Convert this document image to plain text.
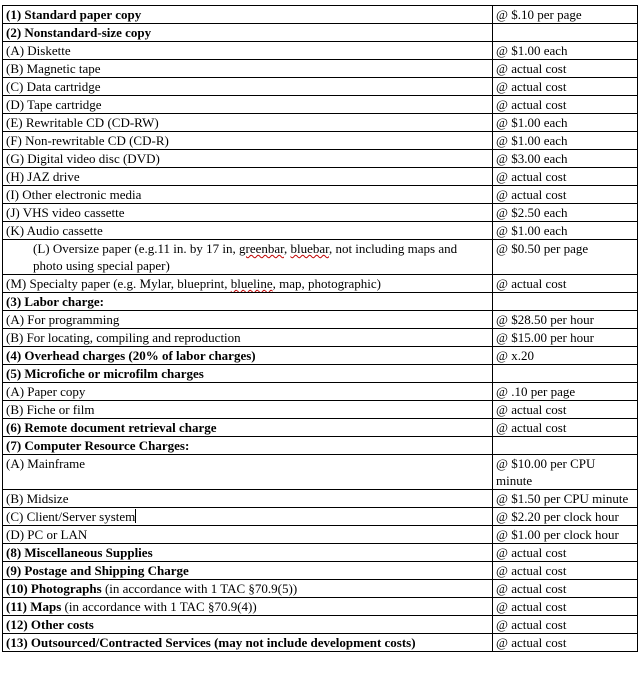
(1) Standard paper copy	@ $.10 per page
(2) Nonstandard-size copy	
(A) Diskette	@ $1.00 each
(B) Magnetic tape	@ actual cost
(C) Data cartridge	@ actual cost
(D) Tape cartridge	@ actual cost
(E) Rewritable CD (CD-RW)	@ $1.00 each
(F) Non-rewritable CD (CD-R)	@ $1.00 each
(G) Digital video disc (DVD)	@ $3.00 each
(H) JAZ drive	@ actual cost
(I) Other electronic media	@ actual cost
(J) VHS video cassette	@ $2.50 each
(K) Audio cassette	@ $1.00 each
(L) Oversize paper (e.g.11 in. by 17 in, greenbar, bluebar, not including maps and photo using special paper)	@ $0.50 per page
(M) Specialty paper (e.g. Mylar, blueprint, blueline, map, photographic)	@ actual cost
(3) Labor charge:	
(A) For programming	@ $28.50 per hour
(B) For locating, compiling and reproduction	@ $15.00 per hour
(4) Overhead charges (20% of labor charges)	@ x.20
(5) Microfiche or microfilm charges	
(A) Paper copy	@ .10 per page
(B) Fiche or film	@ actual cost
(6) Remote document retrieval charge	@ actual cost
(7) Computer Resource Charges:	
(A) Mainframe	@ $10.00 per CPU minute
(B) Midsize	@ $1.50 per CPU minute
(C) Client/Server system	@ $2.20 per clock hour
(D) PC or LAN	@ $1.00 per clock hour
(8) Miscellaneous Supplies	@ actual cost
(9) Postage and Shipping Charge	@ actual cost
(10) Photographs (in accordance with 1 TAC §70.9(5))	@ actual cost
(11) Maps (in accordance with 1 TAC §70.9(4))	@ actual cost
(12) Other costs	@ actual cost
(13) Outsourced/Contracted Services (may not include development costs)	@ actual cost
